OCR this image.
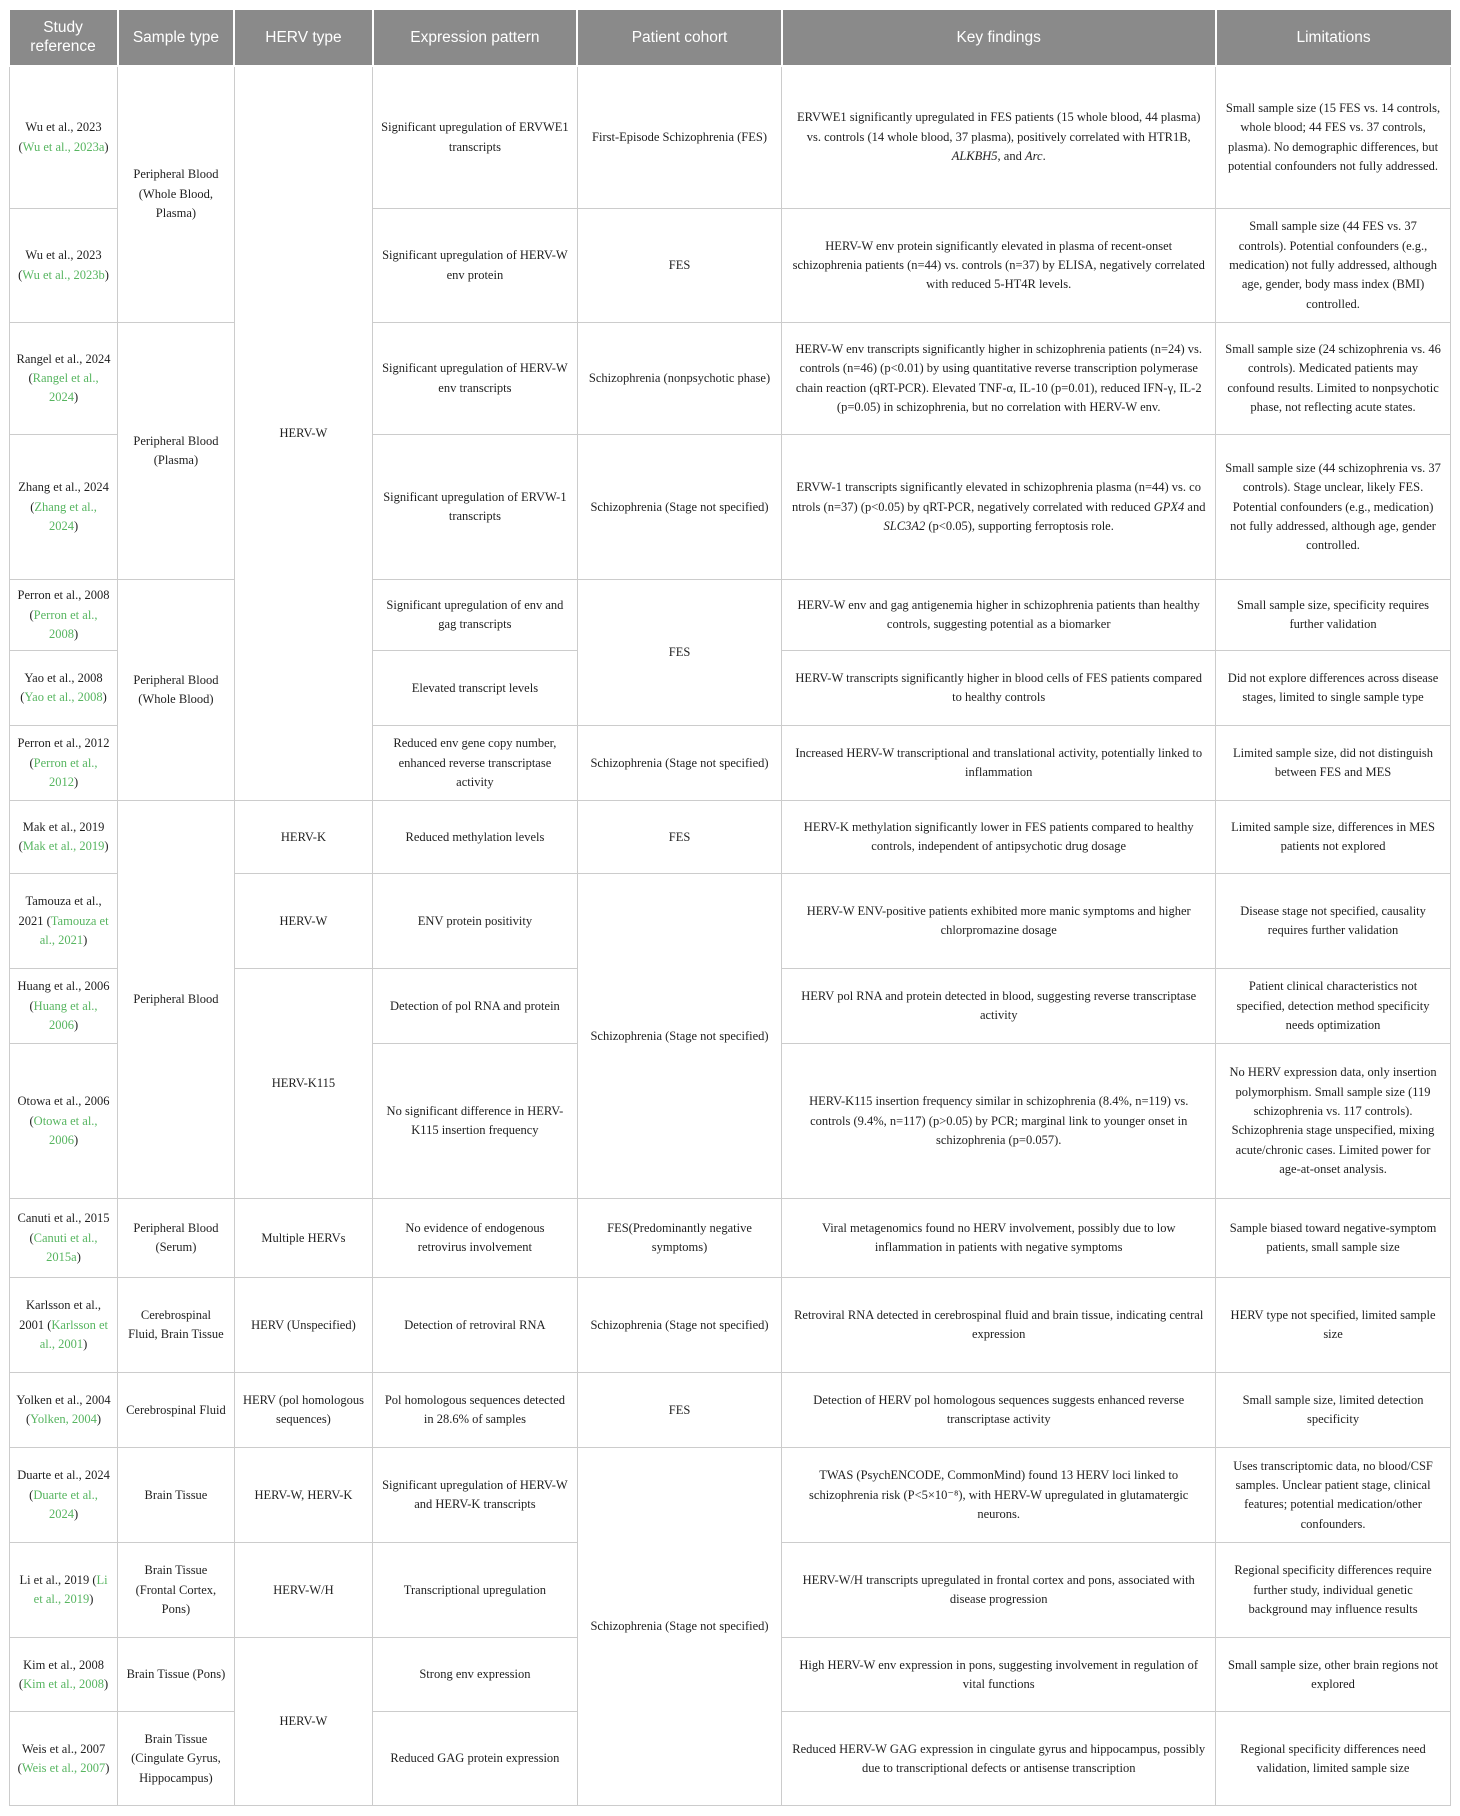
Study reference	Sample type	HERV type	Expression pattern	Patient cohort	Key findings	Limitations
Wu et al., 2023 (Wu et al., 2023a)	Peripheral Blood (Whole Blood, Plasma)	HERV-W	Significant upregulation of ERVWE1 transcripts	First-Episode Schizophrenia (FES)	ERVWE1 significantly upregulated in FES patients (15 whole blood, 44 plasma) vs. controls (14 whole blood, 37 plasma), positively correlated with HTR1B, ALKBH5, and Arc.	Small sample size (15 FES vs. 14 controls, whole blood; 44 FES vs. 37 controls, plasma). No demographic differences, but potential confounders not fully addressed.
Wu et al., 2023 (Wu et al., 2023b)			Significant upregulation of HERV-W env protein	FES	HERV-W env protein significantly elevated in plasma of recent-onset schizophrenia patients (n=44) vs. controls (n=37) by ELISA, negatively correlated with reduced 5-HT4R levels.	Small sample size (44 FES vs. 37 controls). Potential confounders (e.g., medication) not fully addressed, although age, gender, body mass index (BMI) controlled.
Rangel et al., 2024 (Rangel et al., 2024)	Peripheral Blood (Plasma)		Significant upregulation of HERV-W env transcripts	Schizophrenia (nonpsychotic phase)	HERV-W env transcripts significantly higher in schizophrenia patients (n=24) vs. controls (n=46) (p<0.01) by using quantitative reverse transcription polymerase chain reaction (qRT-PCR). Elevated TNF-α, IL-10 (p=0.01), reduced IFN-γ, IL-2 (p=0.05) in schizophrenia, but no correlation with HERV-W env.	Small sample size (24 schizophrenia vs. 46 controls). Medicated patients may confound results. Limited to nonpsychotic phase, not reflecting acute states.
Zhang et al., 2024 (Zhang et al., 2024)			Significant upregulation of ERVW-1 transcripts	Schizophrenia (Stage not specified)	ERVW-1 transcripts significantly elevated in schizophrenia plasma (n=44) vs. co ntrols (n=37) (p<0.05) by qRT-PCR, negatively correlated with reduced GPX4 and SLC3A2 (p<0.05), supporting ferroptosis role.	Small sample size (44 schizophrenia vs. 37 controls). Stage unclear, likely FES. Potential confounders (e.g., medication) not fully addressed, although age, gender controlled.
Perron et al., 2008 (Perron et al., 2008)	Peripheral Blood (Whole Blood)		Significant upregulation of env and gag transcripts	FES	HERV-W env and gag antigenemia higher in schizophrenia patients than healthy controls, suggesting potential as a biomarker	Small sample size, specificity requires further validation
Yao et al., 2008 (Yao et al., 2008)			Elevated transcript levels		HERV-W transcripts significantly higher in blood cells of FES patients compared to healthy controls	Did not explore differences across disease stages, limited to single sample type
Perron et al., 2012 (Perron et al., 2012)			Reduced env gene copy number, enhanced reverse transcriptase activity	Schizophrenia (Stage not specified)	Increased HERV-W transcriptional and translational activity, potentially linked to inflammation	Limited sample size, did not distinguish between FES and MES
Mak et al., 2019 (Mak et al., 2019)	Peripheral Blood	HERV-K	Reduced methylation levels	FES	HERV-K methylation significantly lower in FES patients compared to healthy controls, independent of antipsychotic drug dosage	Limited sample size, differences in MES patients not explored
Tamouza et al., 2021 (Tamouza et al., 2021)		HERV-W	ENV protein positivity	Schizophrenia (Stage not specified)	HERV-W ENV-positive patients exhibited more manic symptoms and higher chlorpromazine dosage	Disease stage not specified, causality requires further validation
Huang et al., 2006 (Huang et al., 2006)		HERV-K115	Detection of pol RNA and protein		HERV pol RNA and protein detected in blood, suggesting reverse transcriptase activity	Patient clinical characteristics not specified, detection method specificity needs optimization
Otowa et al., 2006 (Otowa et al., 2006)			No significant difference in HERV-K115 insertion frequency		HERV-K115 insertion frequency similar in schizophrenia (8.4%, n=119) vs. controls (9.4%, n=117) (p>0.05) by PCR; marginal link to younger onset in schizophrenia (p=0.057).	No HERV expression data, only insertion polymorphism. Small sample size (119 schizophrenia vs. 117 controls). Schizophrenia stage unspecified, mixing acute/chronic cases. Limited power for age-at-onset analysis.
Canuti et al., 2015 (Canuti et al., 2015a)	Peripheral Blood (Serum)	Multiple HERVs	No evidence of endogenous retrovirus involvement	FES(Predominantly negative symptoms)	Viral metagenomics found no HERV involvement, possibly due to low inflammation in patients with negative symptoms	Sample biased toward negative-symptom patients, small sample size
Karlsson et al., 2001 (Karlsson et al., 2001)	Cerebrospinal Fluid, Brain Tissue	HERV (Unspecified)	Detection of retroviral RNA	Schizophrenia (Stage not specified)	Retroviral RNA detected in cerebrospinal fluid and brain tissue, indicating central expression	HERV type not specified, limited sample size
Yolken et al., 2004 (Yolken, 2004)	Cerebrospinal Fluid	HERV (pol homologous sequences)	Pol homologous sequences detected in 28.6% of samples	FES	Detection of HERV pol homologous sequences suggests enhanced reverse transcriptase activity	Small sample size, limited detection specificity
Duarte et al., 2024 (Duarte et al., 2024)	Brain Tissue	HERV-W, HERV-K	Significant upregulation of HERV-W and HERV-K transcripts	Schizophrenia (Stage not specified)	TWAS (PsychENCODE, CommonMind) found 13 HERV loci linked to schizophrenia risk (P<5×10⁻⁸), with HERV-W upregulated in glutamatergic neurons.	Uses transcriptomic data, no blood/CSF samples. Unclear patient stage, clinical features; potential medication/other confounders.
Li et al., 2019 (Li et al., 2019)	Brain Tissue (Frontal Cortex, Pons)	HERV-W/H	Transcriptional upregulation		HERV-W/H transcripts upregulated in frontal cortex and pons, associated with disease progression	Regional specificity differences require further study, individual genetic background may influence results
Kim et al., 2008 (Kim et al., 2008)	Brain Tissue (Pons)	HERV-W	Strong env expression		High HERV-W env expression in pons, suggesting involvement in regulation of vital functions	Small sample size, other brain regions not explored
Weis et al., 2007 (Weis et al., 2007)	Brain Tissue (Cingulate Gyrus, Hippocampus)		Reduced GAG protein expression		Reduced HERV-W GAG expression in cingulate gyrus and hippocampus, possibly due to transcriptional defects or antisense transcription	Regional specificity differences need validation, limited sample size
